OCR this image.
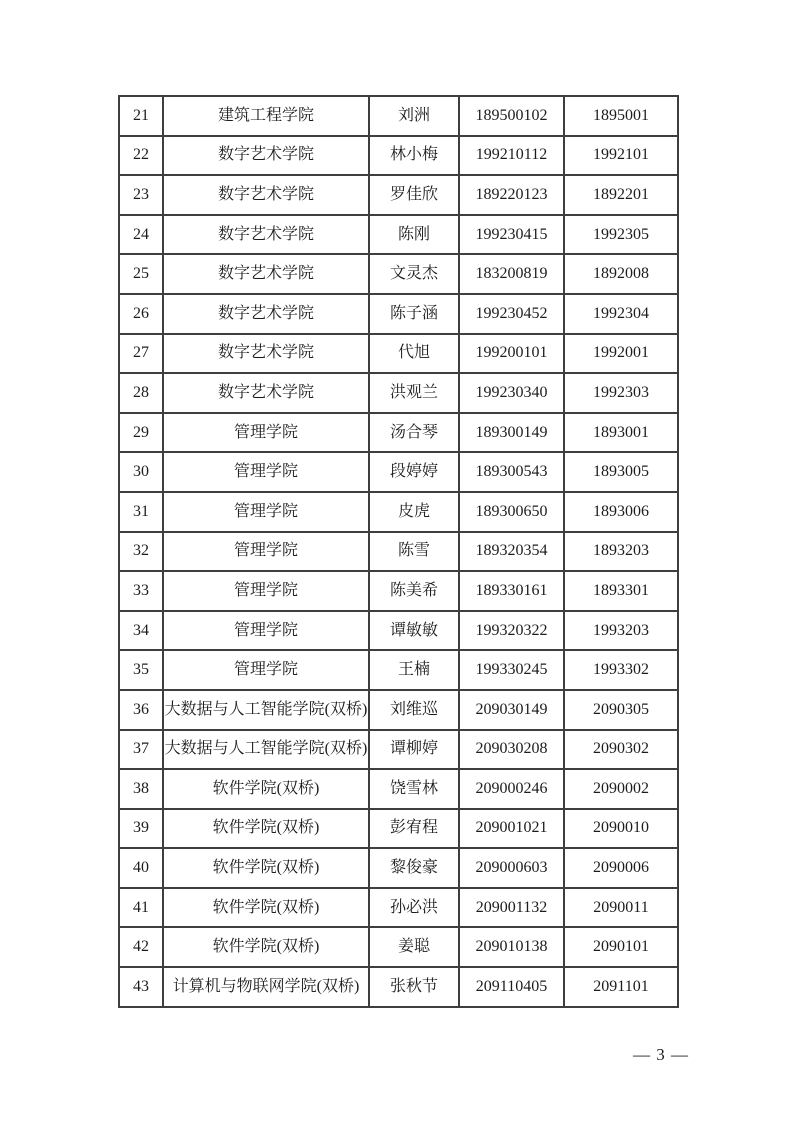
21	建筑工程学院	刘洲	189500102	1895001
22	数字艺术学院	林小梅	199210112	1992101
23	数字艺术学院	罗佳欣	189220123	1892201
24	数字艺术学院	陈刚	199230415	1992305
25	数字艺术学院	文灵杰	183200819	1892008
26	数字艺术学院	陈子涵	199230452	1992304
27	数字艺术学院	代旭	199200101	1992001
28	数字艺术学院	洪观兰	199230340	1992303
29	管理学院	汤合琴	189300149	1893001
30	管理学院	段婷婷	189300543	1893005
31	管理学院	皮虎	189300650	1893006
32	管理学院	陈雪	189320354	1893203
33	管理学院	陈美希	189330161	1893301
34	管理学院	谭敏敏	199320322	1993203
35	管理学院	王楠	199330245	1993302
36	大数据与人工智能学院(双桥)	刘维巡	209030149	2090305
37	大数据与人工智能学院(双桥)	谭柳婷	209030208	2090302
38	软件学院(双桥)	饶雪林	209000246	2090002
39	软件学院(双桥)	彭宥程	209001021	2090010
40	软件学院(双桥)	黎俊豪	209000603	2090006
41	软件学院(双桥)	孙必洪	209001132	2090011
42	软件学院(双桥)	姜聪	209010138	2090101
43	计算机与物联网学院(双桥)	张秋节	209110405	2091101

— 3 —
